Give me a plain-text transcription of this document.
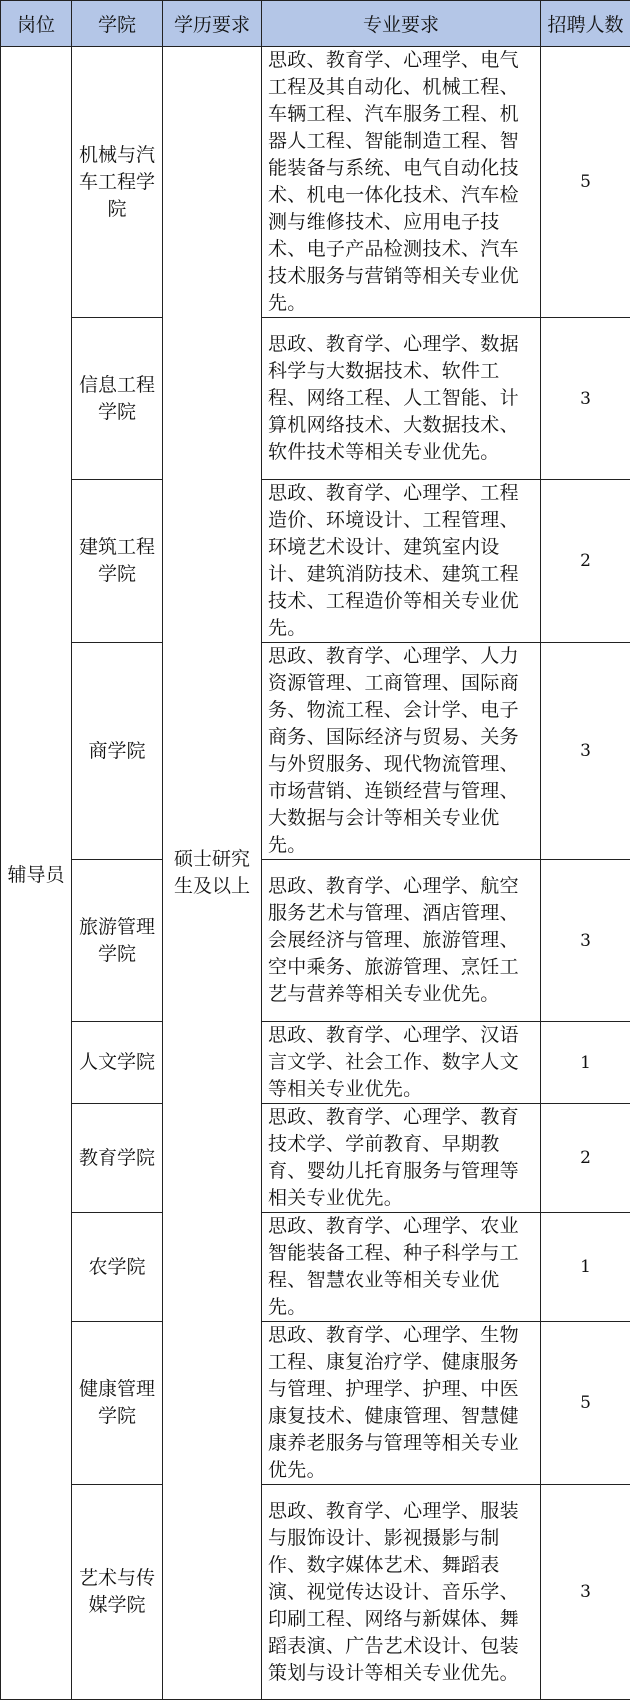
岗位	学院	学历要求	专业要求	招聘人数
辅导员	机械与汽车工程学院	硕士研究生及以上	思政、教育学、心理学、电气工程及其自动化、机械工程、车辆工程、汽车服务工程、机器人工程、智能制造工程、智能装备与系统、电气自动化技术、机电一体化技术、汽车检测与维修技术、应用电子技术、电子产品检测技术、汽车技术服务与营销等相关专业优先。	5
	信息工程学院		思政、教育学、心理学、数据科学与大数据技术、软件工程、网络工程、人工智能、计算机网络技术、大数据技术、软件技术等相关专业优先。	3
	建筑工程学院		思政、教育学、心理学、工程造价、环境设计、工程管理、环境艺术设计、建筑室内设计、建筑消防技术、建筑工程技术、工程造价等相关专业优先。	2
	商学院		思政、教育学、心理学、人力资源管理、工商管理、国际商务、物流工程、会计学、电子商务、国际经济与贸易、关务与外贸服务、现代物流管理、市场营销、连锁经营与管理、大数据与会计等相关专业优先。	3
	旅游管理学院		思政、教育学、心理学、航空服务艺术与管理、酒店管理、会展经济与管理、旅游管理、空中乘务、旅游管理、烹饪工艺与营养等相关专业优先。	3
	人文学院		思政、教育学、心理学、汉语言文学、社会工作、数字人文等相关专业优先。	1
	教育学院		思政、教育学、心理学、教育技术学、学前教育、早期教育、婴幼儿托育服务与管理等相关专业优先。	2
	农学院		思政、教育学、心理学、农业智能装备工程、种子科学与工程、智慧农业等相关专业优先。	1
	健康管理学院		思政、教育学、心理学、生物工程、康复治疗学、健康服务与管理、护理学、护理、中医康复技术、健康管理、智慧健康养老服务与管理等相关专业优先。	5
	艺术与传媒学院		思政、教育学、心理学、服装与服饰设计、影视摄影与制作、数字媒体艺术、舞蹈表演、视觉传达设计、音乐学、印刷工程、网络与新媒体、舞蹈表演、广告艺术设计、包装策划与设计等相关专业优先。	3
